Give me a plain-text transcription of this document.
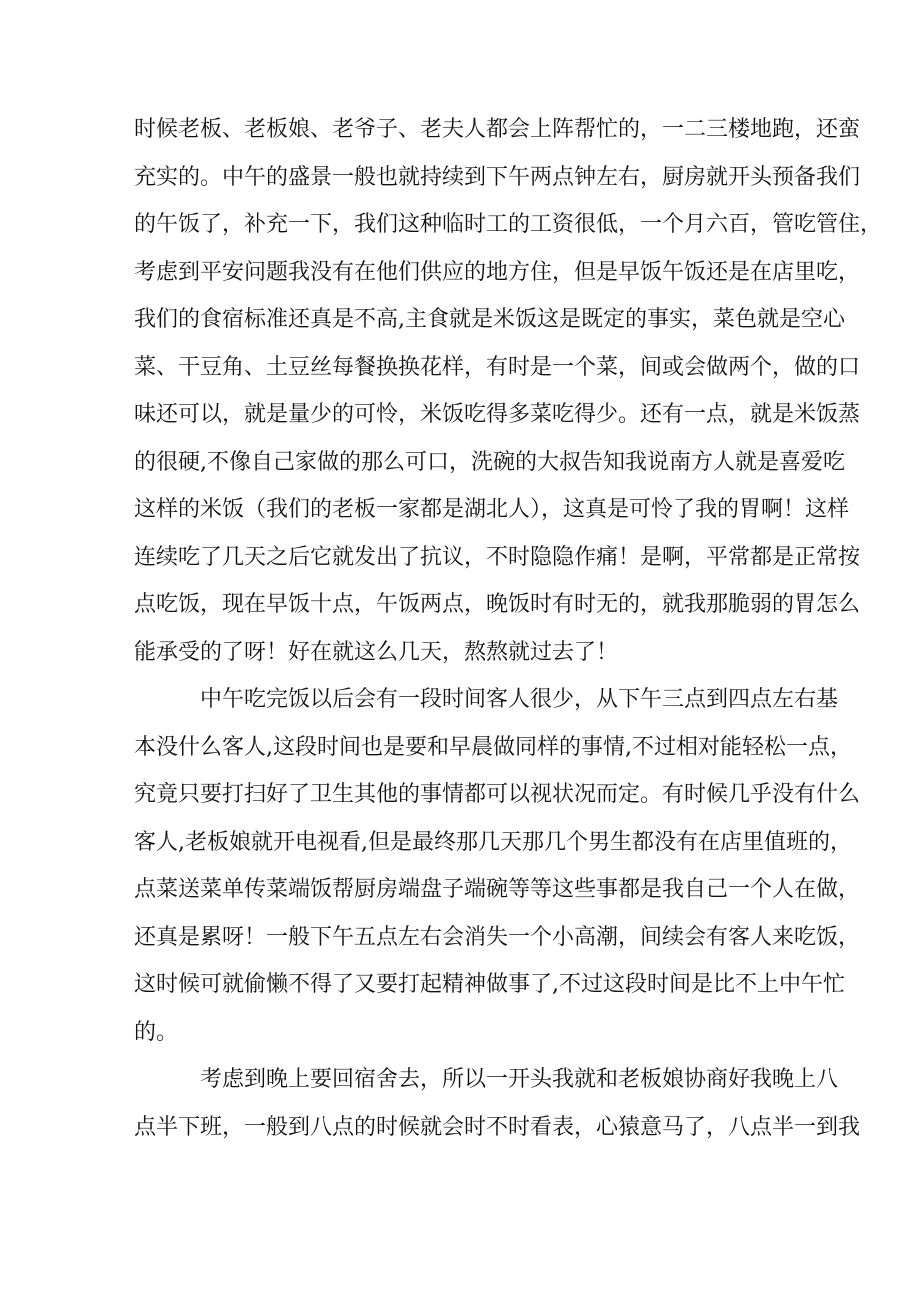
时候老板、老板娘、老爷子、老夫人都会上阵帮忙的，一二三楼地跑，还蛮
充实的。中午的盛景一般也就持续到下午两点钟左右，厨房就开头预备我们
的午饭了，补充一下，我们这种临时工的工资很低，一个月六百，管吃管住，
考虑到平安问题我没有在他们供应的地方住，但是早饭午饭还是在店里吃，
我们的食宿标准还真是不高,主食就是米饭这是既定的事实，菜色就是空心
菜、干豆角、土豆丝每餐换换花样，有时是一个菜，间或会做两个，做的口
味还可以，就是量少的可怜，米饭吃得多菜吃得少。还有一点，就是米饭蒸
的很硬,不像自己家做的那么可口，洗碗的大叔告知我说南方人就是喜爱吃
这样的米饭（我们的老板一家都是湖北人），这真是可怜了我的胃啊！这样
连续吃了几天之后它就发出了抗议，不时隐隐作痛！是啊，平常都是正常按
点吃饭，现在早饭十点，午饭两点，晚饭时有时无的，就我那脆弱的胃怎么
能承受的了呀！好在就这么几天，熬熬就过去了！
中午吃完饭以后会有一段时间客人很少，从下午三点到四点左右基
本没什么客人,这段时间也是要和早晨做同样的事情,不过相对能轻松一点，
究竟只要打扫好了卫生其他的事情都可以视状况而定。有时候几乎没有什么
客人,老板娘就开电视看,但是最终那几天那几个男生都没有在店里值班的，
点菜送菜单传菜端饭帮厨房端盘子端碗等等这些事都是我自己一个人在做，
还真是累呀！一般下午五点左右会消失一个小高潮，间续会有客人来吃饭，
这时候可就偷懒不得了又要打起精神做事了,不过这段时间是比不上中午忙
的。
考虑到晚上要回宿舍去，所以一开头我就和老板娘协商好我晚上八
点半下班，一般到八点的时候就会时不时看表，心猿意马了，八点半一到我
